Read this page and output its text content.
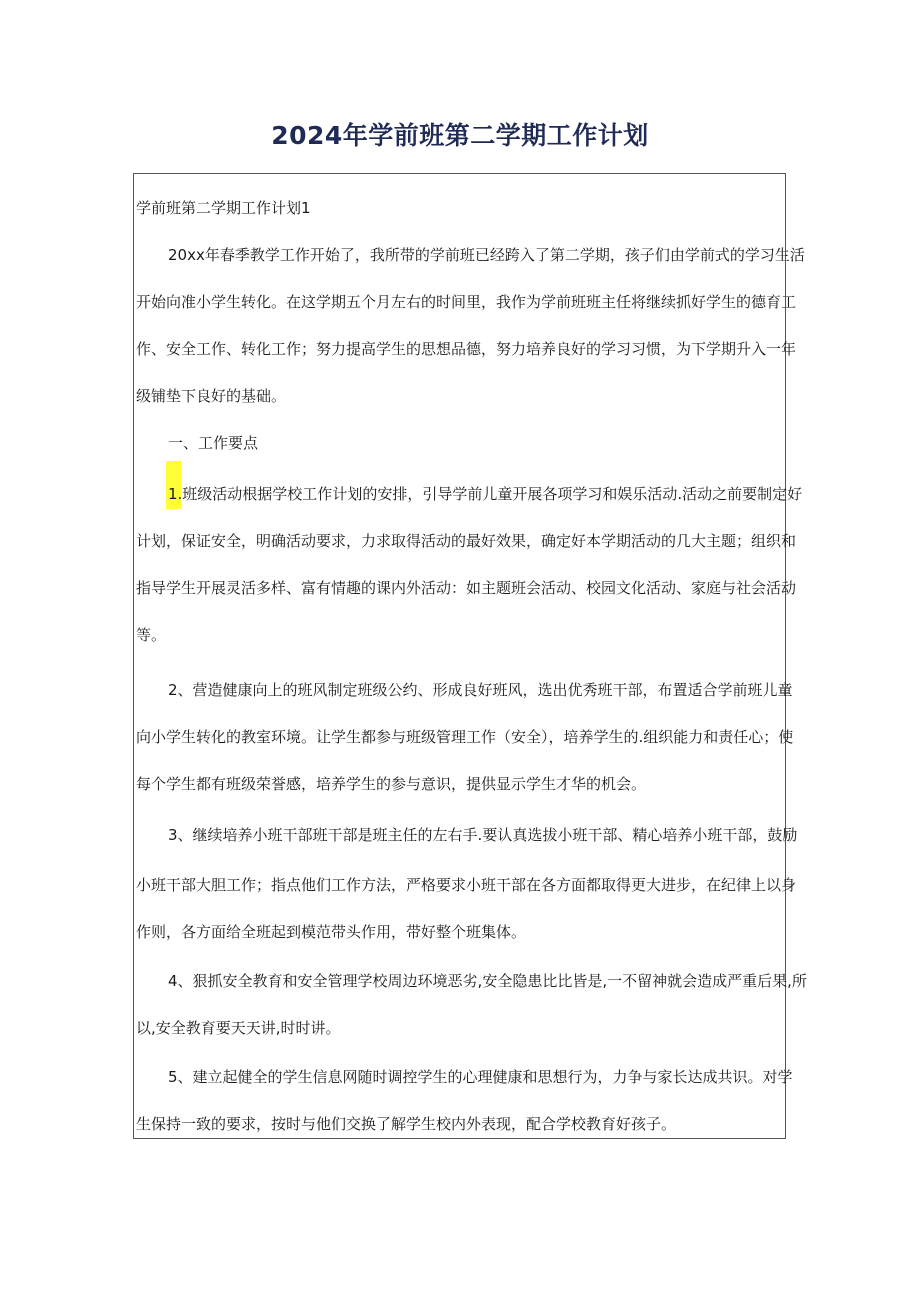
2024年学前班第二学期工作计划
学前班第二学期工作计划1
20xx年春季教学工作开始了，我所带的学前班已经跨入了第二学期，孩子们由学前式的学习生活
开始向准小学生转化。在这学期五个月左右的时间里，我作为学前班班主任将继续抓好学生的德育工
作、安全工作、转化工作；努力提高学生的思想品德，努力培养良好的学习习惯，为下学期升入一年
级铺垫下良好的基础。
一、工作要点
1.班级活动根据学校工作计划的安排，引导学前儿童开展各项学习和娱乐活动.活动之前要制定好
计划，保证安全，明确活动要求，力求取得活动的最好效果，确定好本学期活动的几大主题；组织和
指导学生开展灵活多样、富有情趣的课内外活动：如主题班会活动、校园文化活动、家庭与社会活动
等。
2、营造健康向上的班风制定班级公约、形成良好班风，选出优秀班干部，布置适合学前班儿童
向小学生转化的教室环境。让学生都参与班级管理工作（安全），培养学生的.组织能力和责任心；使
每个学生都有班级荣誉感，培养学生的参与意识，提供显示学生才华的机会。
3、继续培养小班干部班干部是班主任的左右手.要认真选拔小班干部、精心培养小班干部，鼓励
小班干部大胆工作；指点他们工作方法，严格要求小班干部在各方面都取得更大进步，在纪律上以身
作则，各方面给全班起到模范带头作用，带好整个班集体。
4、狠抓安全教育和安全管理学校周边环境恶劣,安全隐患比比皆是,一不留神就会造成严重后果,所
以,安全教育要天天讲,时时讲。
5、建立起健全的学生信息网随时调控学生的心理健康和思想行为，力争与家长达成共识。对学
生保持一致的要求，按时与他们交换了解学生校内外表现，配合学校教育好孩子。
